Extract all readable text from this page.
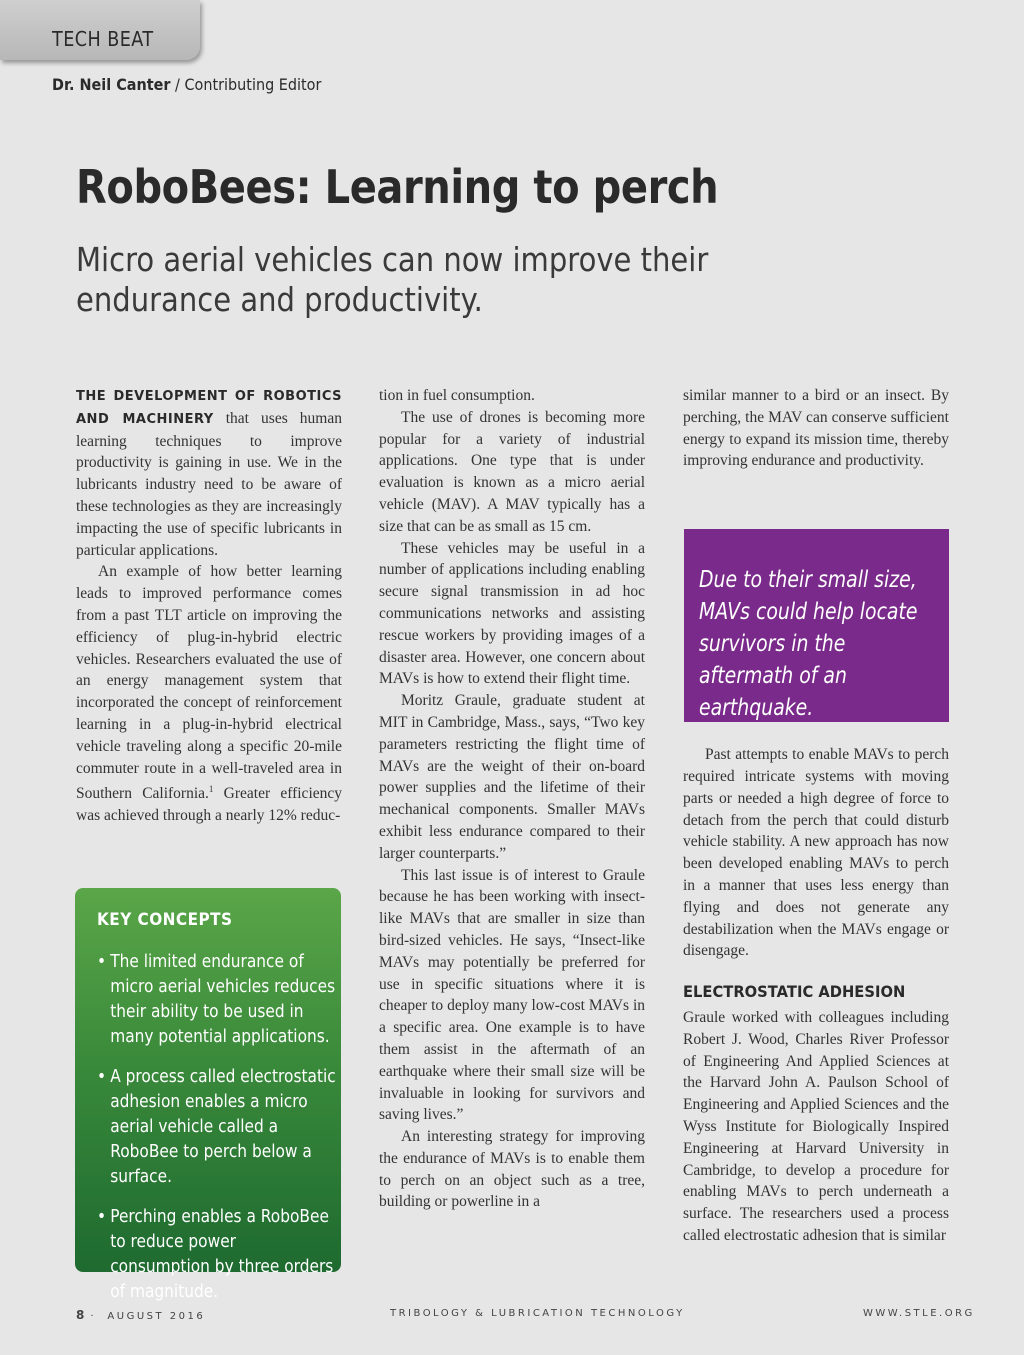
TECH BEAT
Dr. Neil Canter / Contributing Editor
RoboBees: Learning to perch
Micro aerial vehicles can now improve their endurance and productivity.

THE DEVELOPMENT OF ROBOTICS AND MACHINERY that uses human learning techniques to improve productivity is gaining in use. We in the lubricants industry need to be aware of these technologies as they are increasingly impacting the use of specific lubricants in particular applications.

An example of how better learning leads to improved performance comes from a past TLT article on improving the efficiency of plug-in-hybrid electric vehicles. Researchers evaluated the use of an energy management system that incorporated the concept of reinforcement learning in a plug-in-hybrid electrical vehicle traveling along a specific 20-mile commuter route in a well-traveled area in Southern California.$^1$ Greater efficiency was achieved through a nearly 12% reduc-

KEY CONCEPTS
• The limited endurance of micro aerial vehicles reduces their ability to be used in many potential applications.
• A process called electrostatic adhesion enables a micro aerial vehicle called a RoboBee to perch below a surface.
• Perching enables a RoboBee to reduce power consumption by three orders of magnitude.

tion in fuel consumption.

The use of drones is becoming more popular for a variety of industrial applications. One type that is under evaluation is known as a micro aerial vehicle (MAV). A MAV typically has a size that can be as small as 15 cm.

These vehicles may be useful in a number of applications including enabling secure signal transmission in ad hoc communications networks and assisting rescue workers by providing images of a disaster area. However, one concern about MAVs is how to extend their flight time.

Moritz Graule, graduate student at MIT in Cambridge, Mass., says, “Two key parameters restricting the flight time of MAVs are the weight of their on-board power supplies and the lifetime of their mechanical components. Smaller MAVs exhibit less endurance compared to their larger counterparts.”

This last issue is of interest to Graule because he has been working with insect-like MAVs that are smaller in size than bird-sized vehicles. He says, “Insect-like MAVs may potentially be preferred for use in specific situations where it is cheaper to deploy many low-cost MAVs in a specific area. One example is to have them assist in the aftermath of an earthquake where their small size will be invaluable in looking for survivors and saving lives.”

An interesting strategy for improving the endurance of MAVs is to enable them to perch on an object such as a tree, building or powerline in a

similar manner to a bird or an insect. By perching, the MAV can conserve sufficient energy to expand its mission time, thereby improving endurance and productivity.

Past attempts to enable MAVs to perch required intricate systems with moving parts or needed a high degree of force to detach from the perch that could disturb vehicle stability. A new approach has now been developed enabling MAVs to perch in a manner that uses less energy than flying and does not generate any destabilization when the MAVs engage or disengage.

ELECTROSTATIC ADHESION

Graule worked with colleagues including Robert J. Wood, Charles River Professor of Engineering And Applied Sciences at the Harvard John A. Paulson School of Engineering and Applied Sciences and the Wyss Institute for Biologically Inspired Engineering at Harvard University in Cambridge, to develop a procedure for enabling MAVs to perch underneath a surface. The researchers used a process called electrostatic adhesion that is similar

Due to their small size, MAVs could help locate survivors in the aftermath of an earthquake.

8 · AUGUST 2016	TRIBOLOGY & LUBRICATION TECHNOLOGY	WWW.STLE.ORG
